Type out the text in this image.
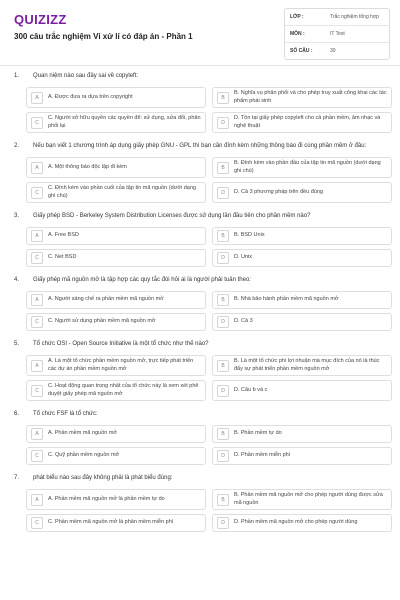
QUIZIZZ
300 câu trắc nghiệm Vi xử lí có đáp án - Phần 1
LỚP :	Trắc nghiệm tổng hợp
MÔN :	IT Test
SỐ CÂU :	30
1.	Quan niệm nào sau đây sai về copyleft:
A	A. Được đưa ra dựa trên copyright	B
B. Nghĩa vụ phân phối và cho phép truy xuất công khai các tác phẩm phái sinh
C
C. Người sở hữu quyền các quyền để: sử dụng, sửa đổi, phân phối lại	D
D. Tồn tại giấy phép copyleft cho cả phần mềm, âm nhạc và nghệ thuật
2.	Nếu bạn viết 1 chương trình áp dụng giấy phép GNU - GPL thì bạn cần đính kèm những thông báo đi cùng phần mềm ở đâu:
A	A. Một thông báo độc lập đi kèm	B
B. Đính kèm vào phần đầu của tập tin mã nguồn (dưới dạng ghi chú)
C
C. Đính kèm vào phần cuối của tập tin mã nguồn (dưới dạng ghi chú)	D	D. Cả 3 phương pháp trên đều đúng
3.	Giấy phép BSD - Berkeley System Distribution Licenses được sử dụng lần đầu tiên cho phần mềm nào?
A	A. Free BSD	B	B. BSD Unix
C	C. Net BSD	D	D. Unix
4.	Giấy phép mã nguồn mở là tập hợp các quy tắc đòi hỏi ai là người phải tuân theo:
A	A. Người sáng chế ra phần mềm mã nguồn mở	B	B. Nhà bảo hành phần mềm mã nguồn mở
C	C. Người sử dụng phần mềm mã nguồn mở	D	D. Cả 3
5.	Tổ chức OSI - Open Source Initiative là một tổ chức như thế nào?
A
A. Là một tổ chức phần mềm nguồn mở, trực tiếp phát triển các dự án phần mềm nguồn mở	B
B. Là một tổ chức phi lợi nhuận mà mục đích của nó là thúc đẩy sự phát triển phần mềm nguồn mở
C
C. Hoạt động quan trọng nhất của tổ chức này là xem xét phê duyệt giấy phép mã nguồn mở	D	D. Câu b và c
6.	Tổ chức FSF là tổ chức:
A	A. Phần mềm mã nguồn mở	B	B. Phần mềm tự do
C	C. Quỹ phần mềm nguồn mở	D	D. Phần mềm miễn phí
7.	phát biểu nào sau đây không phải là phát biểu đúng:
A	A. Phần mềm mã nguồn mở là phần mềm tự do	B
B. Phần mềm mã nguồn mở cho phép người dùng được sửa mã nguồn
C	C. Phần mềm mã nguồn mở là phần mềm miễn phí	D	D. Phần mềm mã nguồn mở cho phép người dùng
